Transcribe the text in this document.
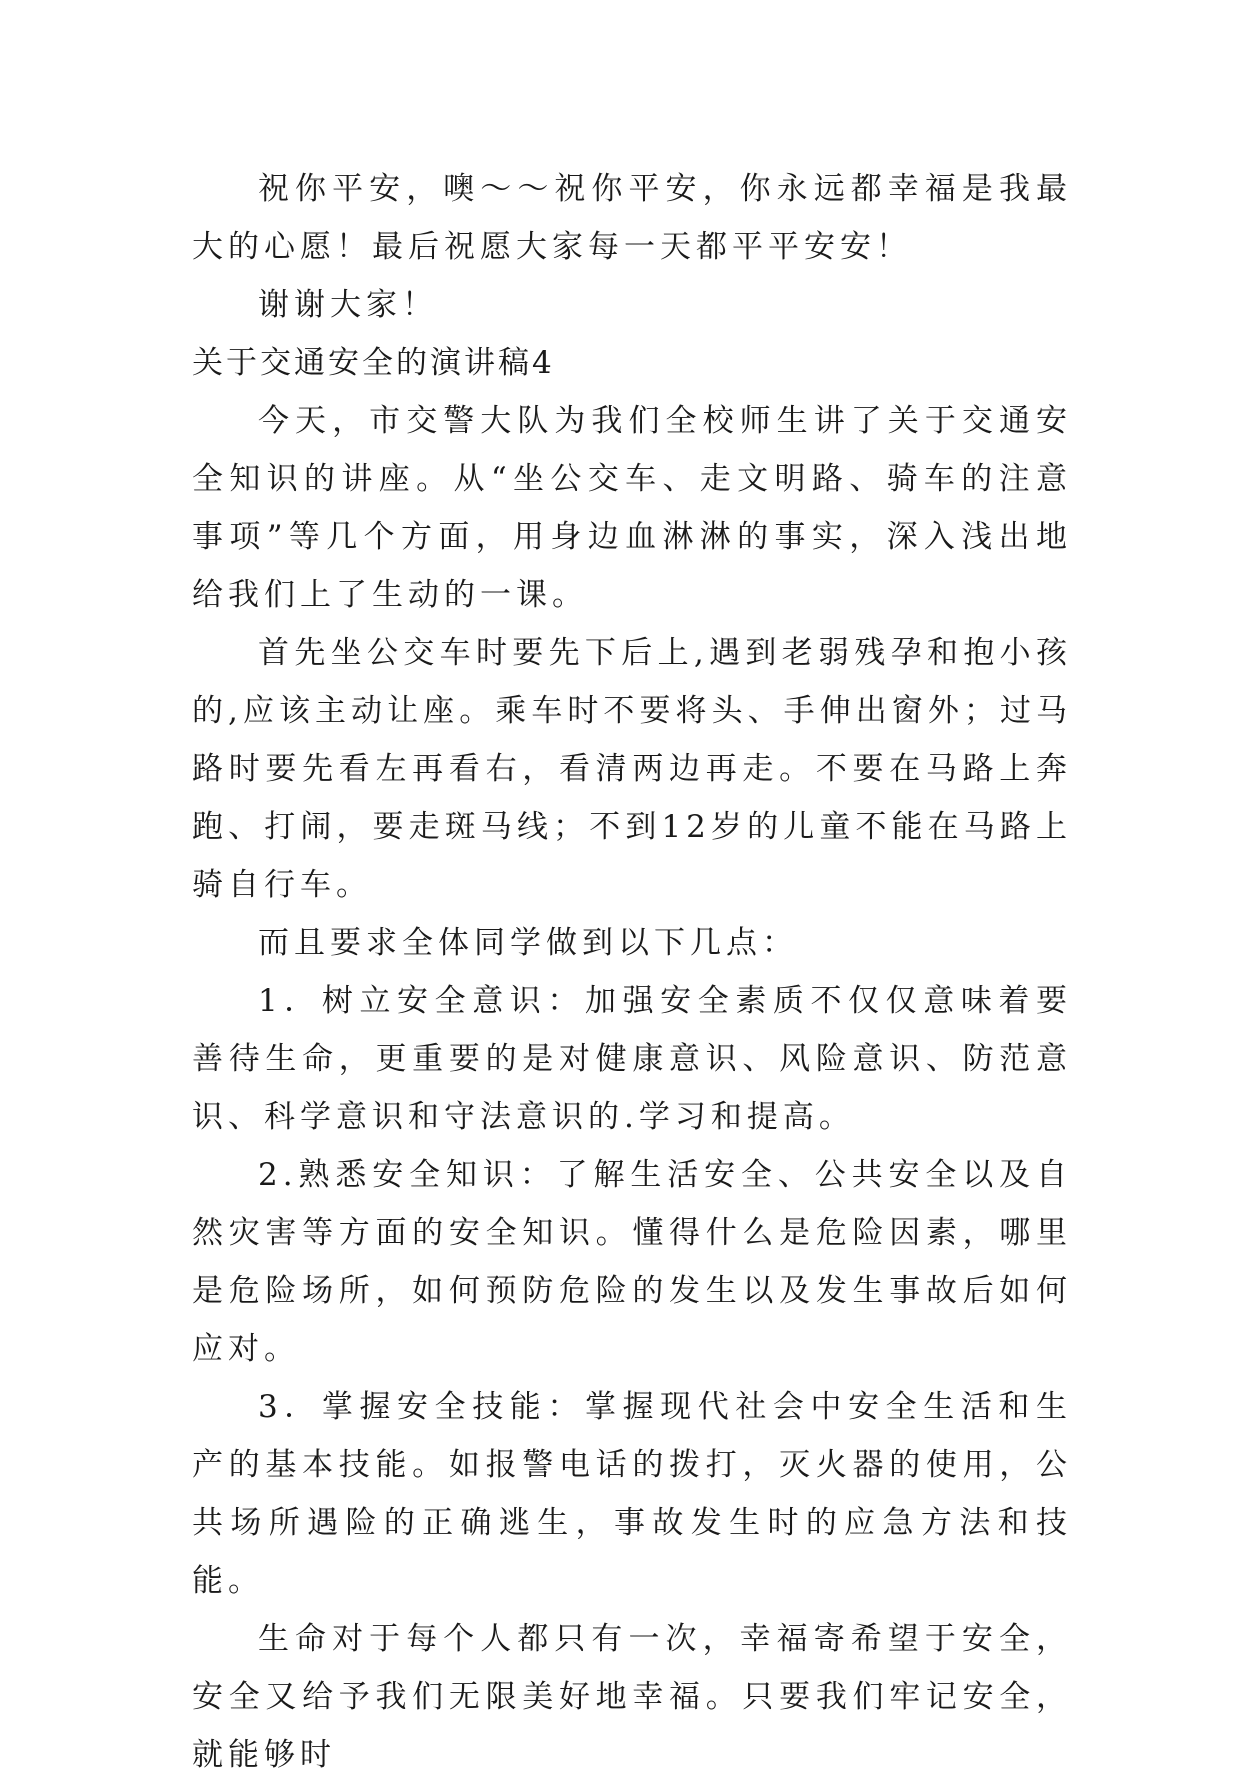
祝你平安，噢～～祝你平安，你永远都幸福是我最大的心愿！最后祝愿大家每一天都平平安安！

谢谢大家！

关于交通安全的演讲稿4

今天，市交警大队为我们全校师生讲了关于交通安全知识的讲座。从“坐公交车、走文明路、骑车的注意事项”等几个方面，用身边血淋淋的事实，深入浅出地给我们上了生动的一课。

首先坐公交车时要先下后上,遇到老弱残孕和抱小孩的,应该主动让座。乘车时不要将头、手伸出窗外；过马路时要先看左再看右，看清两边再走。不要在马路上奔跑、打闹，要走斑马线；不到12岁的儿童不能在马路上骑自行车。

而且要求全体同学做到以下几点：

1．树立安全意识：加强安全素质不仅仅意味着要善待生命，更重要的是对健康意识、风险意识、防范意识、科学意识和守法意识的.学习和提高。

2.熟悉安全知识：了解生活安全、公共安全以及自然灾害等方面的安全知识。懂得什么是危险因素，哪里是危险场所，如何预防危险的发生以及发生事故后如何应对。

3．掌握安全技能：掌握现代社会中安全生活和生产的基本技能。如报警电话的拨打，灭火器的使用，公共场所遇险的正确逃生，事故发生时的应急方法和技能。

生命对于每个人都只有一次，幸福寄希望于安全，安全又给予我们无限美好地幸福。只要我们牢记安全，就能够时
